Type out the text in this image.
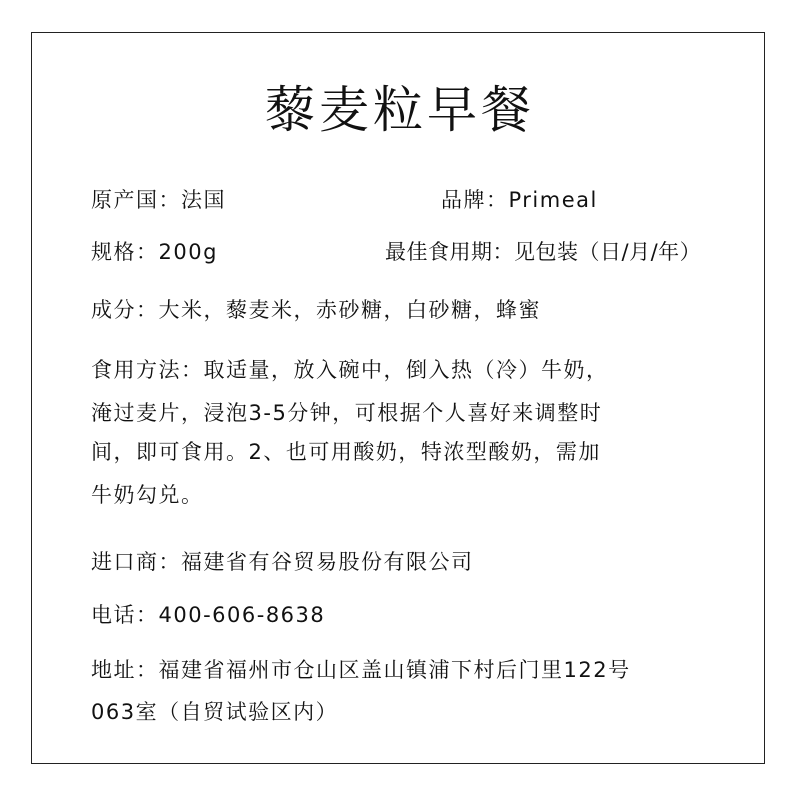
藜麦粒早餐
原产国：法国	品牌：Primeal
规格：200g	最佳食用期：见包装（日/月/年）
成分：大米，藜麦米，赤砂糖，白砂糖，蜂蜜
食用方法：取适量，放入碗中，倒入热（冷）牛奶，
淹过麦片，浸泡3-5分钟，可根据个人喜好来调整时
间，即可食用。2、也可用酸奶，特浓型酸奶，需加
牛奶勾兑。
进口商：福建省有谷贸易股份有限公司
电话：400-606-8638
地址：福建省福州市仓山区盖山镇浦下村后门里122号
063室（自贸试验区内）
